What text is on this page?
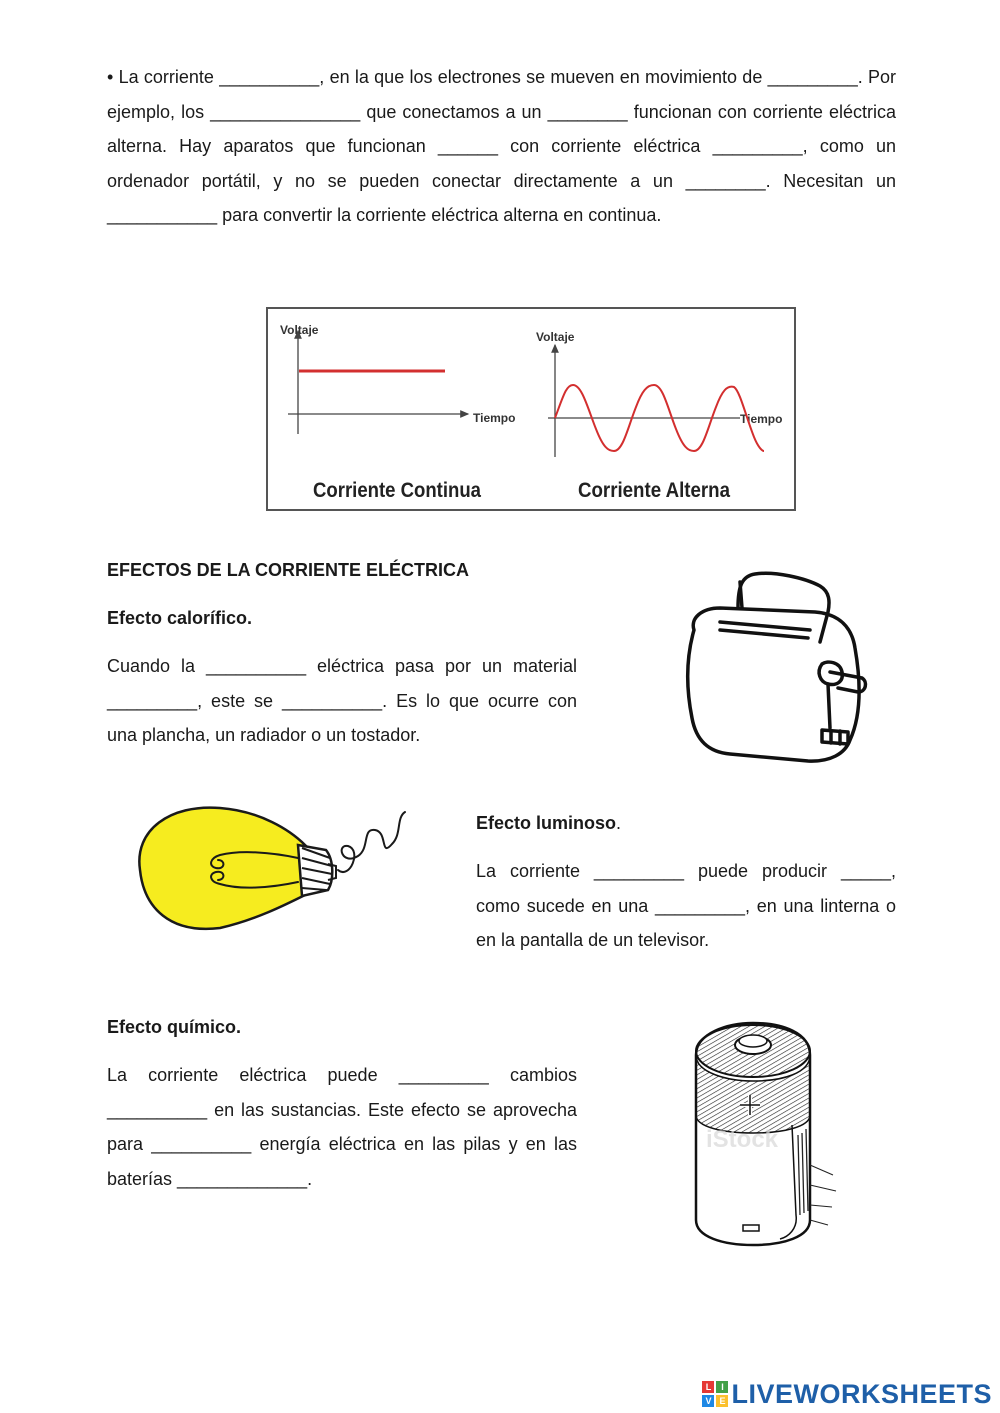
• La corriente __________, en la que los electrones se mueven en movimiento de _________. Por ejemplo, los _______________ que conectamos a un ________ funcionan con corriente eléctrica alterna. Hay aparatos que funcionan ______ con corriente eléctrica _________, como un ordenador portátil, y no se pueden conectar directamente a un ________. Necesitan un ___________ para convertir la corriente eléctrica alterna en continua.

Voltaje
Tiempo
Corriente Continua
Voltaje
Tiempo
Corriente Alterna

EFECTOS DE LA CORRIENTE ELÉCTRICA

Efecto calorífico.

Cuando la __________ eléctrica pasa por un material _________, este se __________. Es lo que ocurre con una plancha, un radiador o un tostador.

Efecto luminoso.

La corriente _________ puede producir _____, como sucede en una _________, en una linterna o en la pantalla de un televisor.

Efecto químico.

La corriente eléctrica puede _________ cambios __________ en las sustancias. Este efecto se aprovecha para __________ energía eléctrica en las pilas y en las baterías _____________.

iStock
L	I
V E LIVEWORKSHEETS
